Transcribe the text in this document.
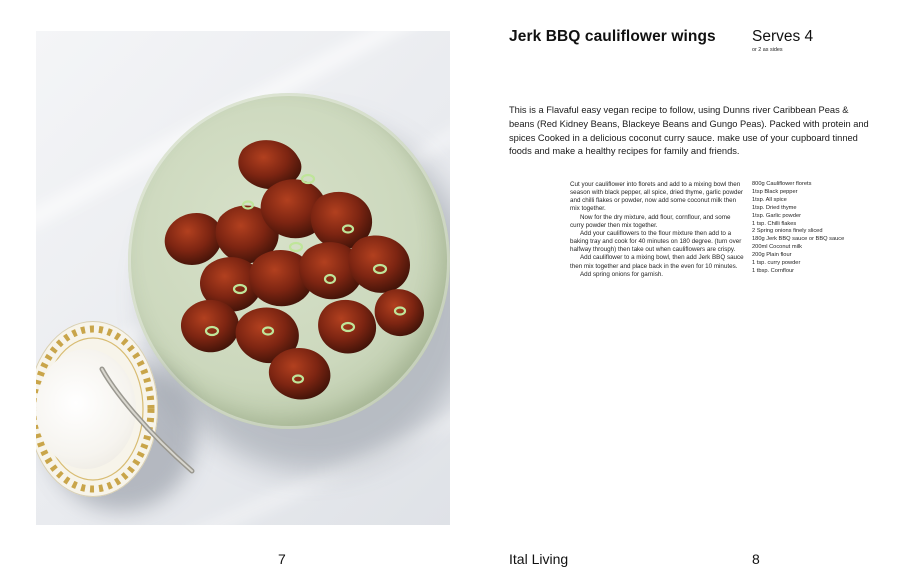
Jerk BBQ cauliflower wings Serves 4
or 2 as sides

This is a Flavaful easy vegan recipe to follow, using Dunns river Caribbean Peas & beans (Red Kidney Beans, Blackeye Beans and Gungo Peas). Packed with protein and spices Cooked in a delicious coconut curry sauce. make use of your cupboard tinned foods and make a healthy recipes for family and friends.

Cut your cauliflower into florets and add to a mixing bowl then season with black pepper, all spice, dried thyme, garlic powder and chilli flakes or powder, now add some coconut milk then mix together.

Now for the dry mixture, add flour, cornflour, and some curry powder then mix together.

Add your cauliflowers to the flour mixture then add to a baking tray and cook for 40 minutes on 180 degree. (turn over halfway through) then take out when cauliflowers are crispy.

Add cauliflower to a mixing bowl, then add Jerk BBQ sauce then mix together and place back in the even for 10 minutes.

Add spring onions for garnish.

800g Cauliflower florets
1tsp Black pepper
1tsp. All spice
1tsp. Dried thyme
1tsp. Garlic powder
1 tsp. Chilli flakes
2 Spring onions finely sliced
180g Jerk BBQ sauce or BBQ sauce
200ml Coconut milk
200g Plain flour
1 tsp. curry powder
1 tbsp. Cornflour
7	Ital Living	8
